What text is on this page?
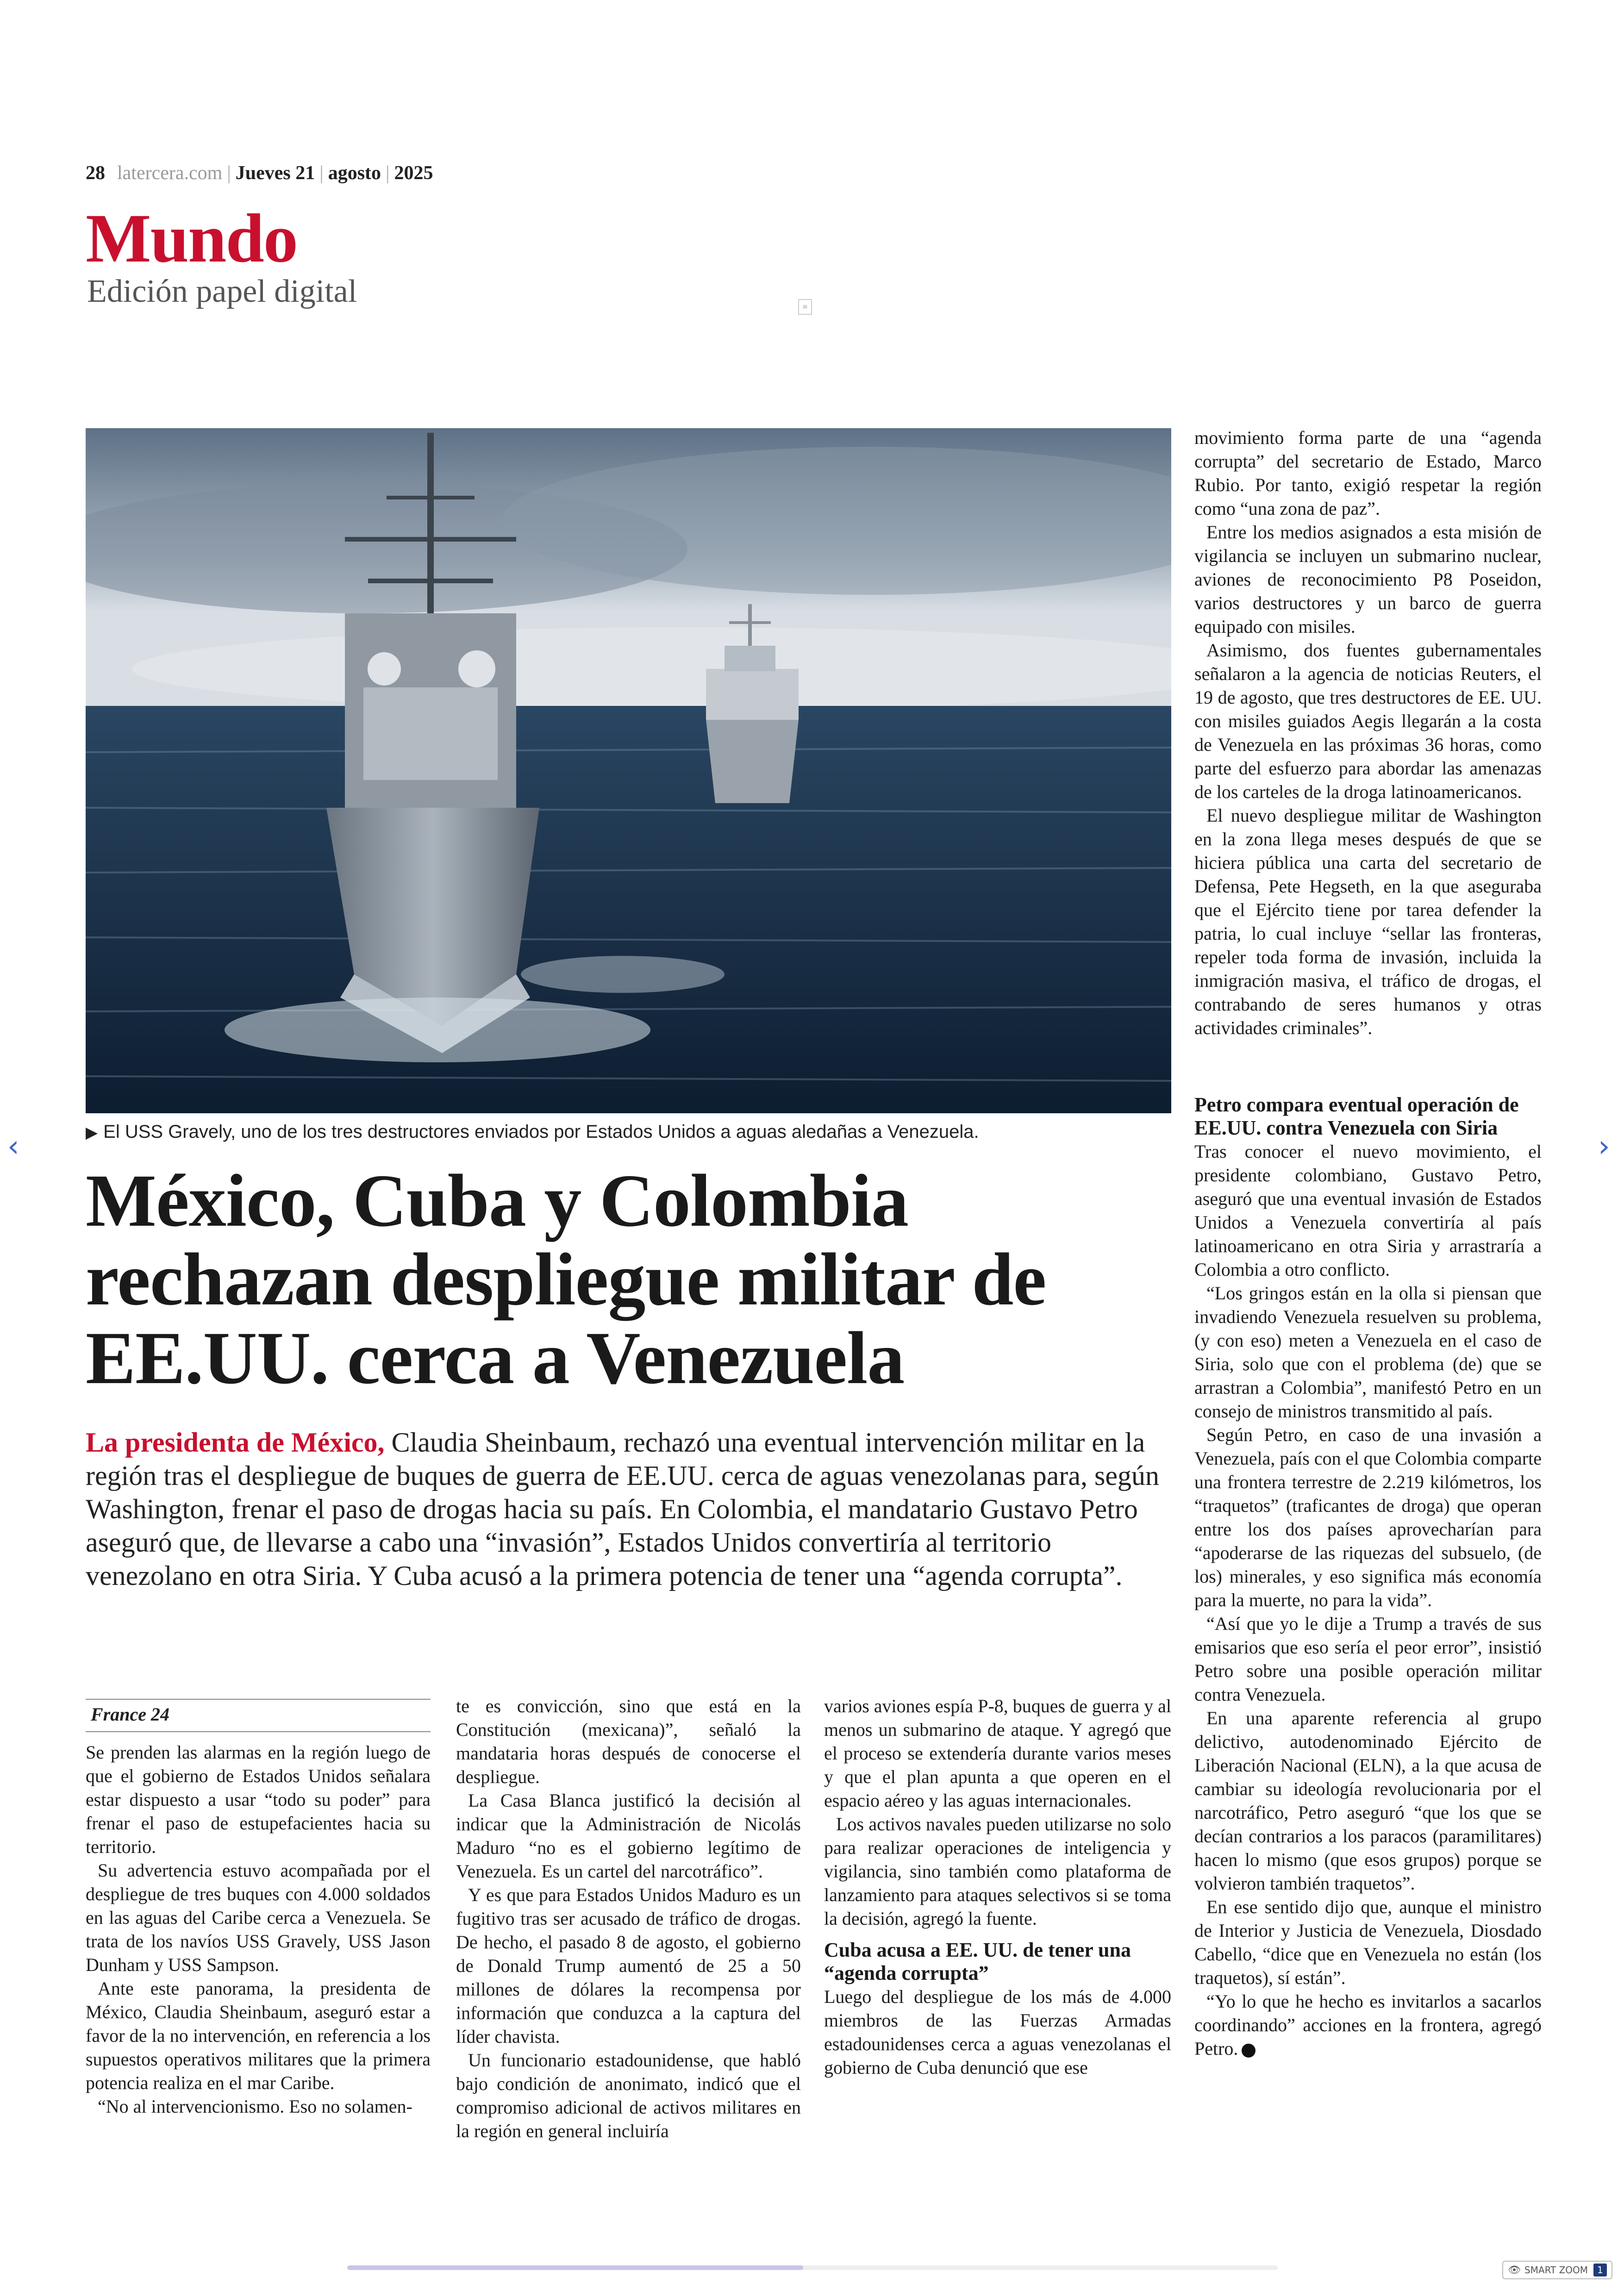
28 latercera.com | Jueves 21 | agosto | 2025
Mundo
Edición papel digital	≡
▶ El USS Gravely, uno de los tres destructores enviados por Estados Unidos a aguas aledañas a Venezuela.
México, Cuba y Colombia rechazan despliegue militar de EE.UU. cerca a Venezuela
La presidenta de México, Claudia Sheinbaum, rechazó una eventual intervención militar en la región tras el despliegue de buques de guerra de EE.UU. cerca de aguas venezolanas para, según Washington, frenar el paso de drogas hacia su país. En Colombia, el mandatario Gustavo Petro aseguró que, de llevarse a cabo una “invasión”, Estados Unidos convertiría al territorio venezolano en otra Siria. Y Cuba acusó a la primera potencia de tener una “agenda corrupta”.
France 24

Se prenden las alarmas en la región luego de que el gobierno de Estados Unidos señalara estar dispuesto a usar “todo su poder” para frenar el paso de estupefacientes hacia su territorio.

Su advertencia estuvo acompañada por el despliegue de tres buques con 4.000 soldados en las aguas del Caribe cerca a Venezuela. Se trata de los navíos USS Gravely, USS Jason Dunham y USS Sampson.

Ante este panorama, la presidenta de México, Claudia Sheinbaum, aseguró estar a favor de la no intervención, en referencia a los supuestos operativos militares que la primera potencia realiza en el mar Caribe.

“No al intervencionismo. Eso no solamen-

te es convicción, sino que está en la Constitución (mexicana)”, señaló la mandataria horas después de conocerse el despliegue.

La Casa Blanca justificó la decisión al indicar que la Administración de Nicolás Maduro “no es el gobierno legítimo de Venezuela. Es un cartel del narcotráfico”.

Y es que para Estados Unidos Maduro es un fugitivo tras ser acusado de tráfico de drogas. De hecho, el pasado 8 de agosto, el gobierno de Donald Trump aumentó de 25 a 50 millones de dólares la recompensa por información que conduzca a la captura del líder chavista.

Un funcionario estadounidense, que habló bajo condición de anonimato, indicó que el compromiso adicional de activos militares en la región en general incluiría

varios aviones espía P-8, buques de guerra y al menos un submarino de ataque. Y agregó que el proceso se extendería durante varios meses y que el plan apunta a que operen en el espacio aéreo y las aguas internacionales.

Los activos navales pueden utilizarse no solo para realizar operaciones de inteligencia y vigilancia, sino también como plataforma de lanzamiento para ataques selectivos si se toma la decisión, agregó la fuente.

Cuba acusa a EE. UU. de tener una “agenda corrupta”

Luego del despliegue de los más de 4.000 miembros de las Fuerzas Armadas estadounidenses cerca a aguas venezolanas el gobierno de Cuba denunció que ese

movimiento forma parte de una “agenda corrupta” del secretario de Estado, Marco Rubio. Por tanto, exigió respetar la región como “una zona de paz”.

Entre los medios asignados a esta misión de vigilancia se incluyen un submarino nuclear, aviones de reconocimiento P8 Poseidon, varios destructores y un barco de guerra equipado con misiles.

Asimismo, dos fuentes gubernamentales señalaron a la agencia de noticias Reuters, el 19 de agosto, que tres destructores de EE. UU. con misiles guiados Aegis llegarán a la costa de Venezuela en las próximas 36 horas, como parte del esfuerzo para abordar las amenazas de los carteles de la droga latinoamericanos.

El nuevo despliegue militar de Washington en la zona llega meses después de que se hiciera pública una carta del secretario de Defensa, Pete Hegseth, en la que aseguraba que el Ejército tiene por tarea defender la patria, lo cual incluye “sellar las fronteras, repeler toda forma de invasión, incluida la inmigración masiva, el tráfico de drogas, el contrabando de seres humanos y otras actividades criminales”.

Petro compara eventual operación de EE.UU. contra Venezuela con Siria

Tras conocer el nuevo movimiento, el presidente colombiano, Gustavo Petro, aseguró que una eventual invasión de Estados Unidos a Venezuela convertiría al país latinoamericano en otra Siria y arrastraría a Colombia a otro conflicto.

“Los gringos están en la olla si piensan que invadiendo Venezuela resuelven su problema, (y con eso) meten a Venezuela en el caso de Siria, solo que con el problema (de) que se arrastran a Colombia”, manifestó Petro en un consejo de ministros transmitido al país.

Según Petro, en caso de una invasión a Venezuela, país con el que Colombia comparte una frontera terrestre de 2.219 kilómetros, los “traquetos” (traficantes de droga) que operan entre los dos países aprovecharían para “apoderarse de las riquezas del subsuelo, (de los) minerales, y eso significa más economía para la muerte, no para la vida”.

“Así que yo le dije a Trump a través de sus emisarios que eso sería el peor error”, insistió Petro sobre una posible operación militar contra Venezuela.

En una aparente referencia al grupo delictivo, autodenominado Ejército de Liberación Nacional (ELN), a la que acusa de cambiar su ideología revolucionaria por el narcotráfico, Petro aseguró “que los que se decían contrarios a los paracos (paramilitares) hacen lo mismo (que esos grupos) porque se volvieron también traquetos”.

En ese sentido dijo que, aunque el ministro de Interior y Justicia de Venezuela, Diosdado Cabello, “dice que en Venezuela no están (los traquetos), sí están”.

“Yo lo que he hecho es invitarlos a sacarlos coordinando” acciones en la frontera, agregó Petro.

‹	›
👁 SMART ZOOM 1
